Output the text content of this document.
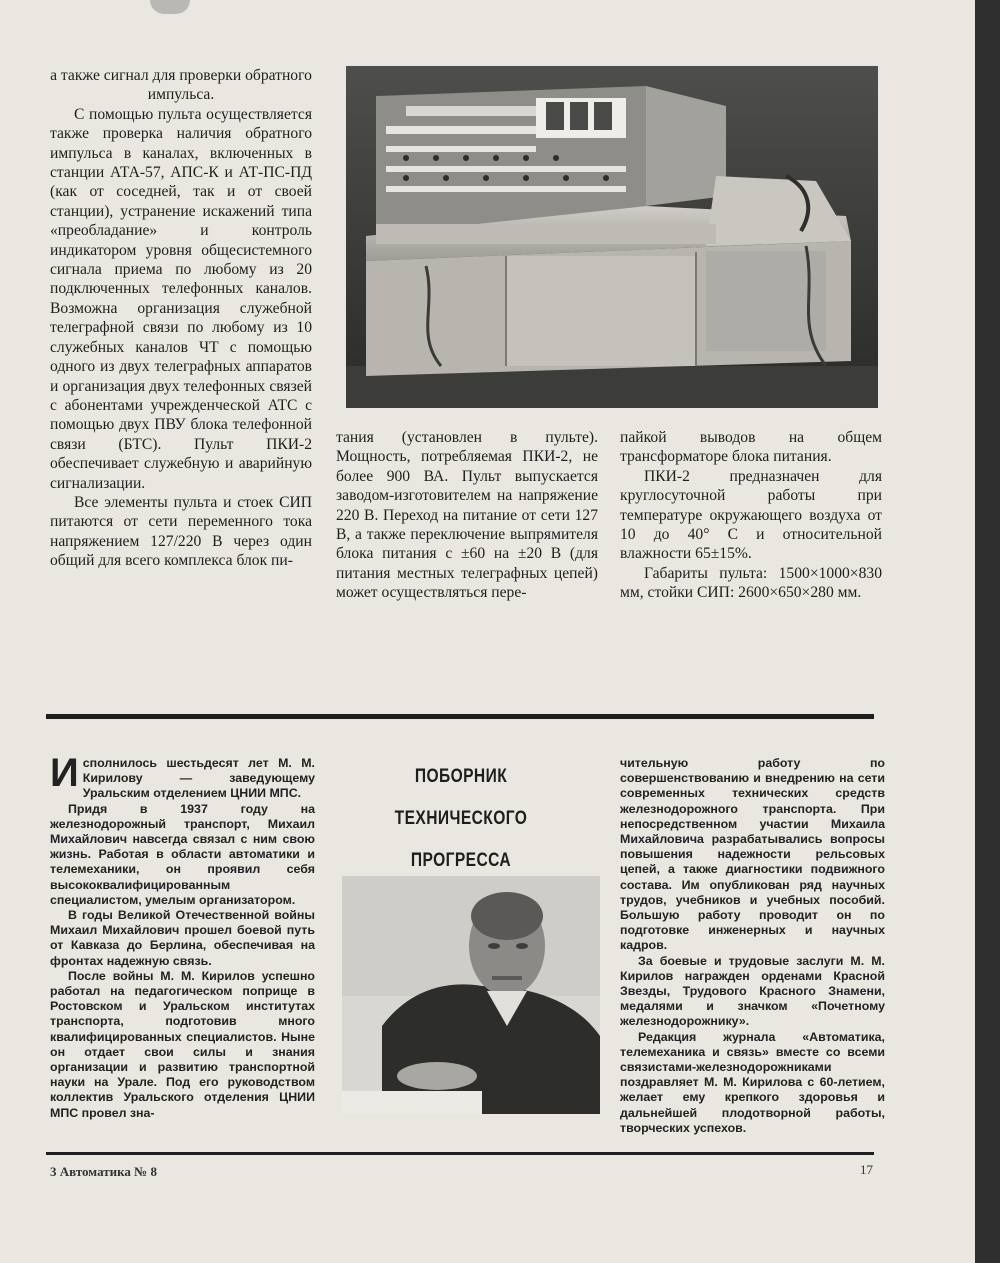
а также сигнал для проверки обратного импульса.

С помощью пульта осуществляется также проверка наличия обратного импульса в каналах, включенных в станции АТА-57, АПС-К и АТ-ПС-ПД (как от соседней, так и от своей станции), устранение искажений типа «преобладание» и контроль индикатором уровня общесистемного сигнала приема по любому из 20 подключенных телефонных каналов. Возможна организация служебной телеграфной связи по любому из 10 служебных каналов ЧТ с помощью одного из двух телеграфных аппаратов и организация двух телефонных связей с абонентами учрежденческой АТС с помощью двух ПВУ блока телефонной связи (БТС). Пульт ПКИ-2 обеспечивает служебную и аварийную сигнализации.

Все элементы пульта и стоек СИП питаются от сети переменного тока напряжением 127/220 В через один общий для всего комплекса блок пи-

тания (установлен в пульте). Мощность, потребляемая ПКИ-2, не более 900 ВА. Пульт выпускается заводом-изготовителем на напряжение 220 В. Переход на питание от сети 127 В, а также переключение выпрямителя блока питания с ±60 на ±20 В (для питания местных телеграфных цепей) может осуществляться пере-

пайкой выводов на общем трансформаторе блока питания.

ПКИ-2 предназначен для круглосуточной работы при температуре окружающего воздуха от 10 до 40° С и относительной влажности 65±15%.

Габариты пульта: 1500×1000×830 мм, стойки СИП: 2600×650×280 мм.

Исполнилось шестьдесят лет М. М. Кирилову — заведующему Уральским отделением ЦНИИ МПС.

Придя в 1937 году на железнодорожный транспорт, Михаил Михайлович навсегда связал с ним свою жизнь. Работая в области автоматики и телемеханики, он проявил себя высококвалифицированным специалистом, умелым организатором.

В годы Великой Отечественной войны Михаил Михайлович прошел боевой путь от Кавказа до Берлина, обеспечивая на фронтах надежную связь.

После войны М. М. Кирилов успешно работал на педагогическом поприще в Ростовском и Уральском институтах транспорта, подготовив много квалифицированных специалистов. Ныне он отдает свои силы и знания организации и развитию транспортной науки на Урале. Под его руководством коллектив Уральского отделения ЦНИИ МПС провел зна-

ПОБОРНИК
ТЕХНИЧЕСКОГО ПРОГРЕССА

чительную работу по совершенствованию и внедрению на сети современных технических средств железнодорожного транспорта. При непосредственном участии Михаила Михайловича разрабатывались вопросы повышения надежности рельсовых цепей, а также диагностики подвижного состава. Им опубликован ряд научных трудов, учебников и учебных пособий. Большую работу проводит он по подготовке инженерных и научных кадров.

За боевые и трудовые заслуги М. М. Кирилов награжден орденами Красной Звезды, Трудового Красного Знамени, медалями и значком «Почетному железнодорожнику».

Редакция журнала «Автоматика, телемеханика и связь» вместе со всеми связистами-железнодорожниками поздравляет М. М. Кирилова с 60-летием, желает ему крепкого здоровья и дальнейшей плодотворной работы, творческих успехов.

3 Автоматика № 8	17
